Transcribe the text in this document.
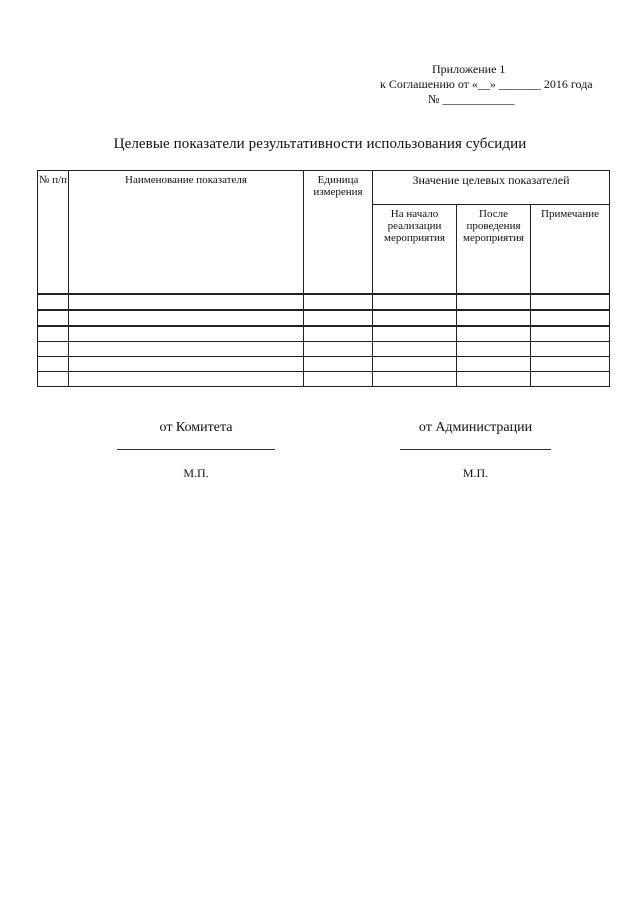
Приложение 1
к Соглашению от «__» _______ 2016 года
№ ____________
Целевые показатели результативности использования субсидии
№ п/п	Наименование показателя	Единица измерения	Значение целевых показателей		
			На начало реализации мероприятия	После проведения мероприятия	Примечание

от Комитета
М.П.
от Администрации
М.П.
